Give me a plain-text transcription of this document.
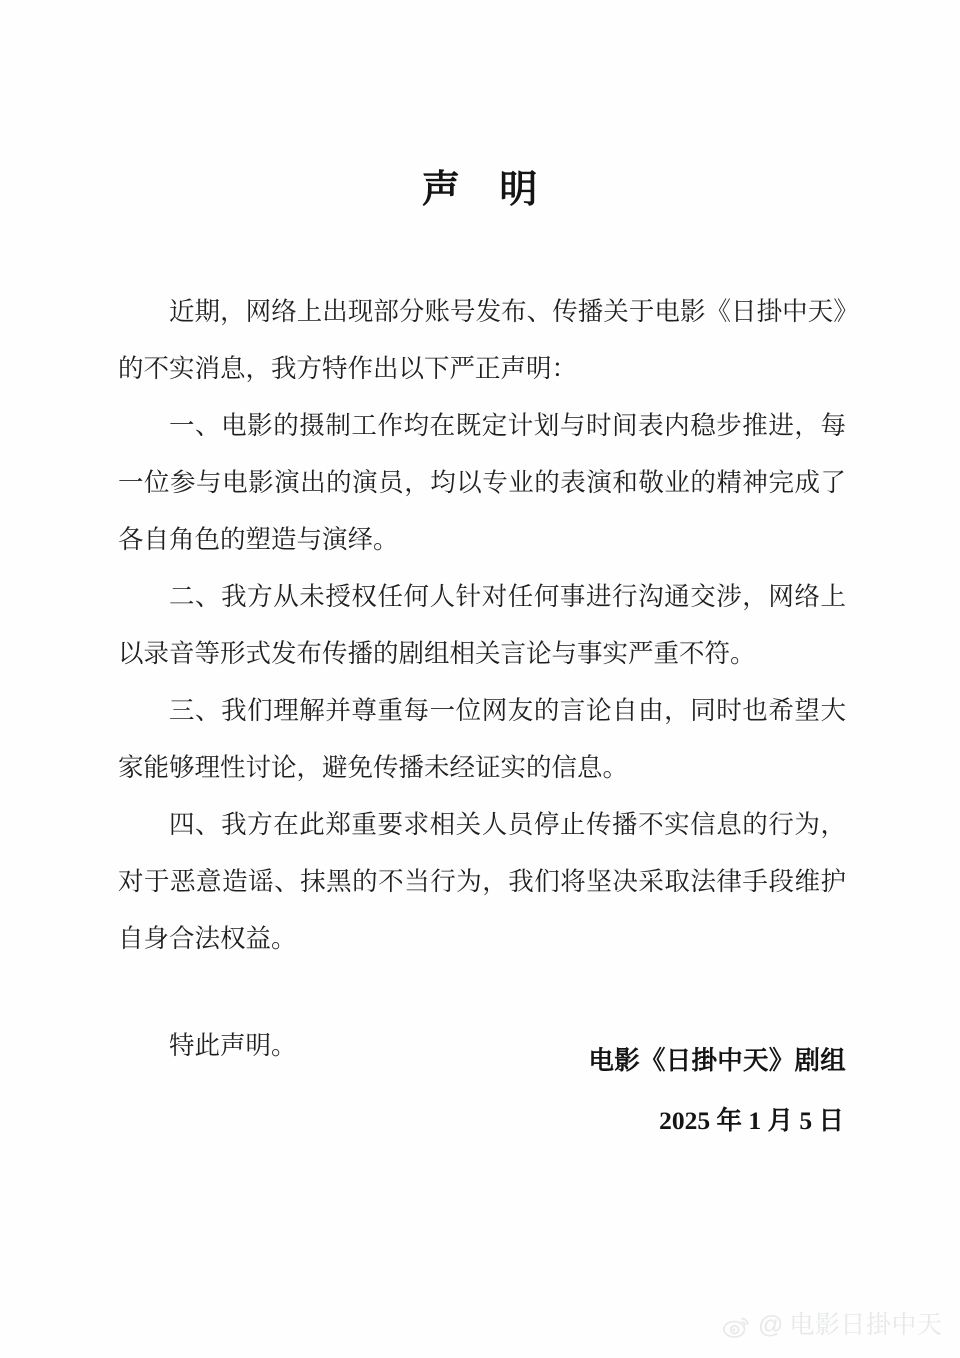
声　明

近期，网络上出现部分账号发布、传播关于电影《日掛中天》的不实消息，我方特作出以下严正声明：

一、电影的摄制工作均在既定计划与时间表内稳步推进，每一位参与电影演出的演员，均以专业的表演和敬业的精神完成了各自角色的塑造与演绎。

二、我方从未授权任何人针对任何事进行沟通交涉，网络上以录音等形式发布传播的剧组相关言论与事实严重不符。

三、我们理解并尊重每一位网友的言论自由，同时也希望大家能够理性讨论，避免传播未经证实的信息。

四、我方在此郑重要求相关人员停止传播不实信息的行为，对于恶意造谣、抹黑的不当行为，我们将坚决采取法律手段维护自身合法权益。

特此声明。

电影《日掛中天》剧组
2025 年 1 月 5 日
@ 电影日掛中天
